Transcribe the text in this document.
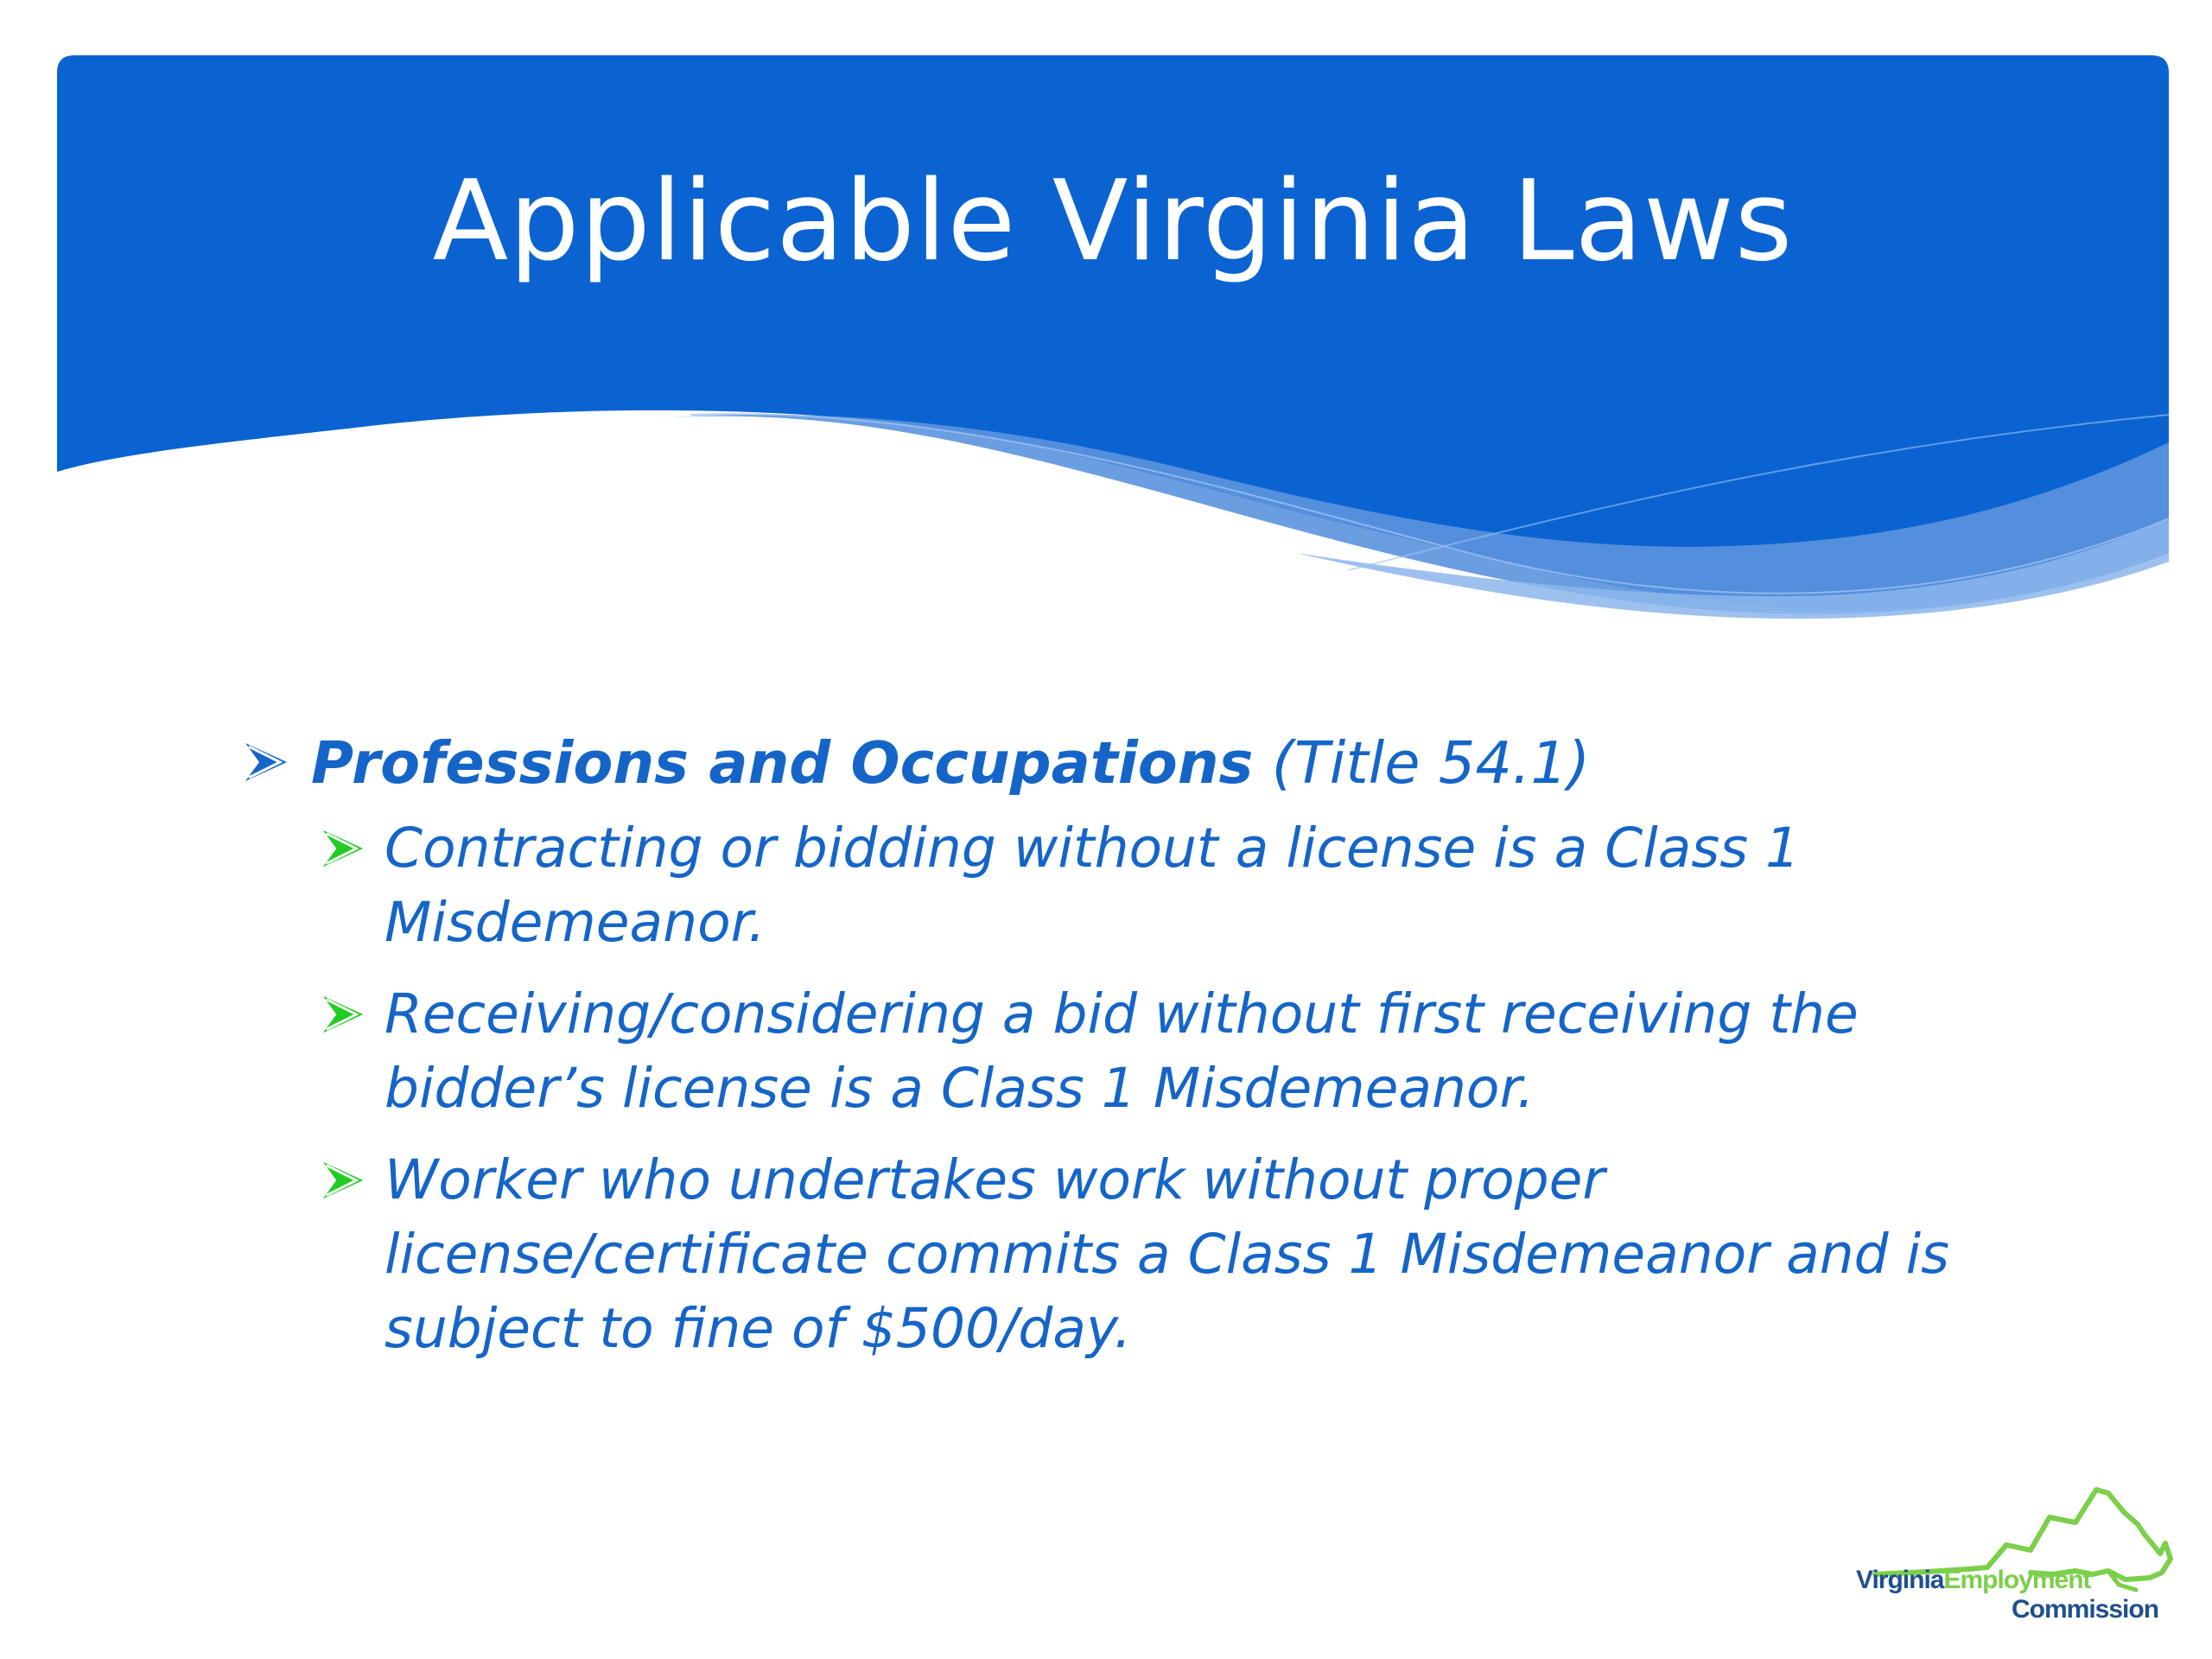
Applicable Virginia Laws
Professions and Occupations (Title 54.1)
Contracting or bidding without a license is a Class 1 Misdemeanor.
Receiving/considering a bid without first receiving the bidder’s license is a Class 1 Misdemeanor.
Worker who undertakes work without proper license/certificate commits a Class 1 Misdemeanor and is subject to fine of $500/day.
VirginiaEmployment
Commission
